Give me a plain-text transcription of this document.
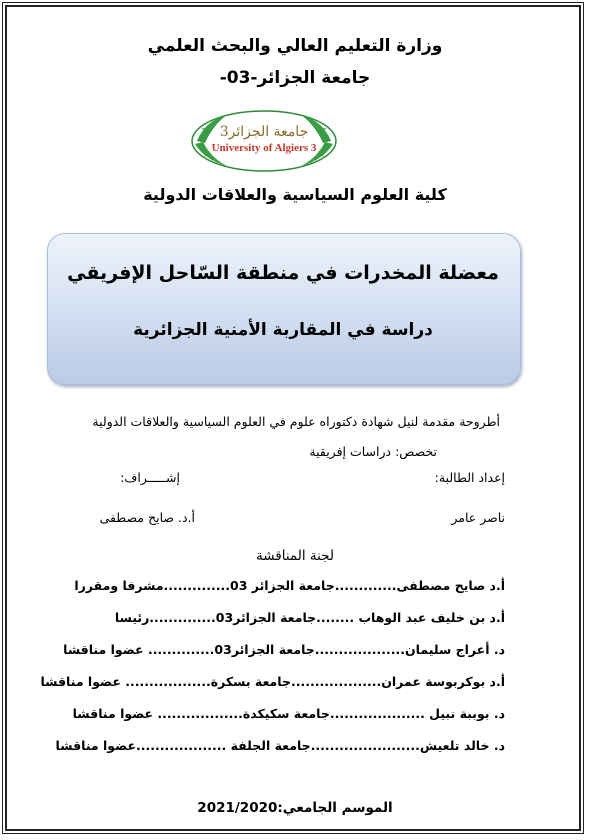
وزارة التعليم العالي والبحث العلمي
جامعة الجزائر-03-
جامعة الجزائر3
University of Algiers 3
كلية العلوم السياسية والعلاقات الدولية
معضلة المخدرات في منطقة السّاحل الإفريقي
دراسة في المقاربة الأمنية الجزائرية
أطروحة مقدمة لنيل شهادة دكتوراه علوم في العلوم السياسية والعلاقات الدولية
تخصص: دراسات إفريقية
إعداد الطالبة:
إشـــــراف:
ناصر عامر
أ.د. صايح مصطفى
لجنة المناقشة
أ.د صايح مصطفى.............جامعة الجزائر 03..............مشرفا ومقررا
أ.د بن خليف عبد الوهاب ........جامعة الجزائر03..............رئيسا
د. أعراج سليمان...................جامعة الجزائر03.............. عضوا مناقشا
أ.د بوكربوسة عمران...................جامعة بسكرة.................. عضوا مناقشا
د. بوببة نبيل ....................جامعة سكيكدة.................. عضوا مناقشا
د. خالد تلعيش.......................جامعة الجلفة ...................عضوا مناقشا
الموسم الجامعي:2021/2020
